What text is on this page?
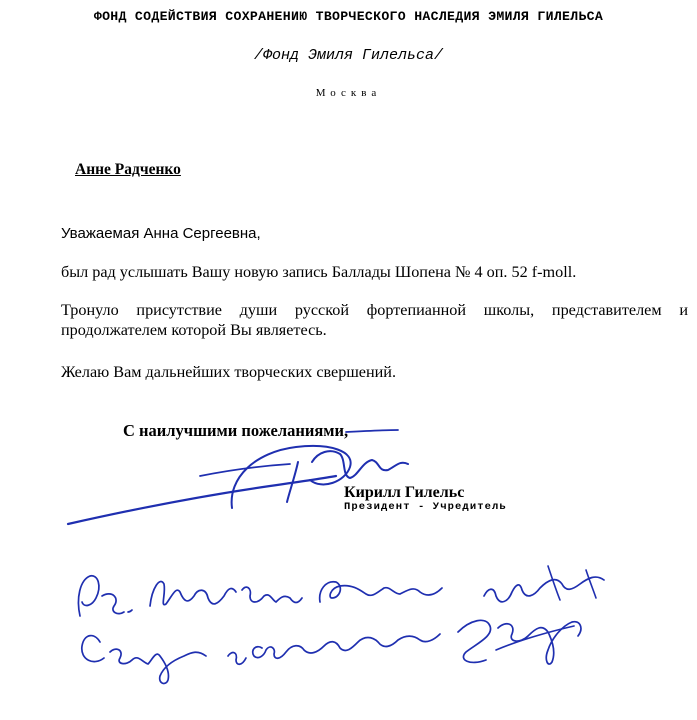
ФОНД СОДЕЙСТВИЯ СОХРАНЕНИЮ ТВОРЧЕСКОГО НАСЛЕДИЯ ЭМИЛЯ ГИЛЕЛЬСА
/Фонд Эмиля Гилельса/
Москва
Анне Радченко
Уважаемая Анна Сергеевна,
был рад услышать Вашу новую запись Баллады Шопена № 4 оп. 52 f-moll.
Тронуло присутствие души русской фортепианной школы, представителем и продолжателем которой Вы являетесь.
Желаю Вам дальнейших творческих свершений.
С наилучшими пожеланиями,
Кирилл Гилельс
Президент - Учредитель
